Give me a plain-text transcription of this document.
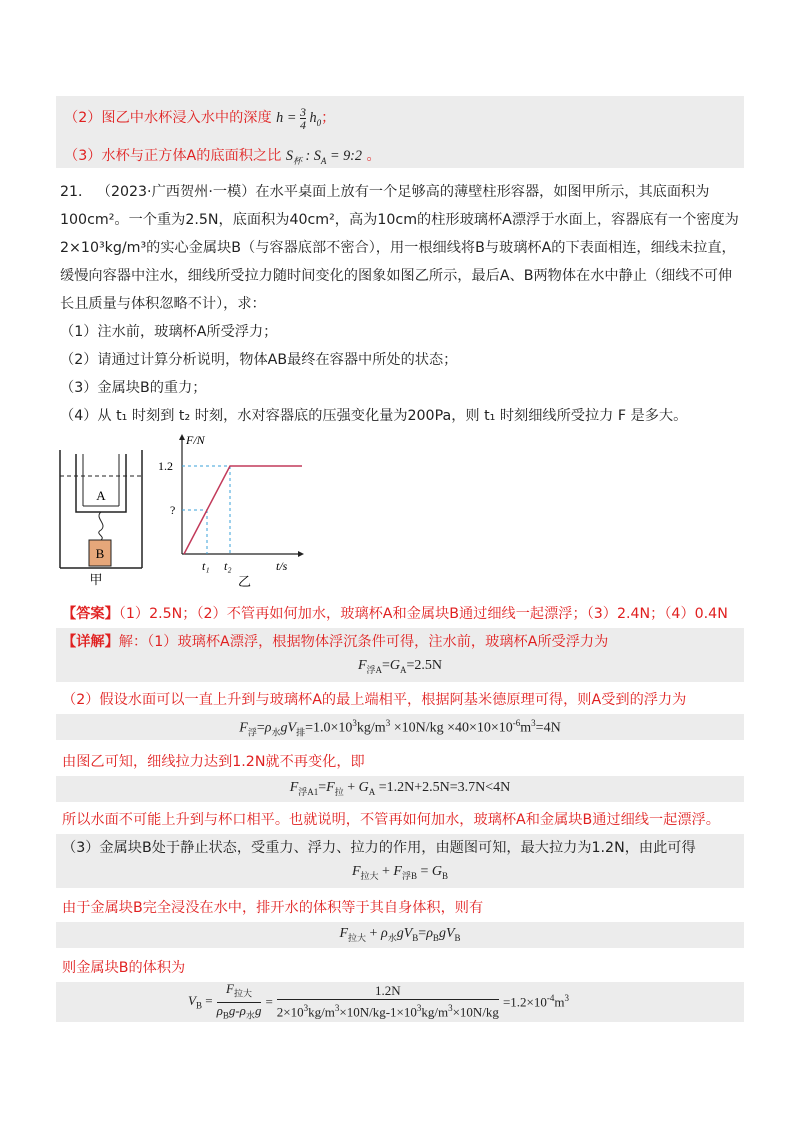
（2）图乙中水杯浸入水中的深度 $h = \frac{3}{4} h_0$；
（3）水杯与正方体A的底面积之比 $S_杯$ : $S_A$ = 9:2 。
21． （2023·广西贺州·一模）在水平桌面上放有一个足够高的薄壁柱形容器，如图甲所示，其底面积为
100cm²。一个重为2.5N，底面积为40cm²，高为10cm的柱形玻璃杯A漂浮于水面上，容器底有一个密度为
2×10³kg/m³的实心金属块B（与容器底部不密合），用一根细线将B与玻璃杯A的下表面相连，细线未拉直，
缓慢向容器中注水，细线所受拉力随时间变化的图象如图乙所示，最后A、B两物体在水中静止（细线不可伸
长且质量与体积忽略不计），求：
（1）注水前，玻璃杯A所受浮力；
（2）请通过计算分析说明，物体AB最终在容器中所处的状态；
（3）金属块B的重力；
（4）从 t₁ 时刻到 t₂ 时刻，水对容器底的压强变化量为200Pa，则 t₁ 时刻细线所受拉力 F 是多大。
A
B
甲
F/N
t/s
1.2
?
t₁ t₂
乙
【答案】（1）2.5N；（2）不管再如何加水，玻璃杯A和金属块B通过细线一起漂浮；（3）2.4N；（4）0.4N
【详解】解：（1）玻璃杯A漂浮，根据物体浮沉条件可得，注水前，玻璃杯A所受浮力为
$F_{浮A}=G_A=2.5N$
（2）假设水面可以一直上升到与玻璃杯A的最上端相平，根据阿基米德原理可得，则A受到的浮力为
$F_浮=\rho_水gV_排=1.0\times 10^3kg/m^3 \times 10N/kg \times 40\times 10\times 10^{-6}m^3=4N$
由图乙可知，细线拉力达到1.2N就不再变化，即
$F_{浮A1}=F_拉 + G_A =1.2N+2.5N=3.7N<4N$
所以水面不可能上升到与杯口相平。也就说明，不管再如何加水，玻璃杯A和金属块B通过细线一起漂浮。
（3）金属块B处于静止状态，受重力、浮力、拉力的作用，由题图可知，最大拉力为1.2N，由此可得
$F_{拉大} + F_{浮B} = G_B$
由于金属块B完全浸没在水中，排开水的体积等于其自身体积，则有
$F_{拉大} + \rho_水gV_B=\rho_BgV_B$
则金属块B的体积为
$V_B$ =
$F_{拉大}$
$\rho_Bg-\rho_水g$
= $\frac{1.2N}{2\times 10^3kg/m^3\times 10N/kg-1\times 10^3kg/m^3\times 10N/kg} =1.2\times 10^{-4}m^3$
